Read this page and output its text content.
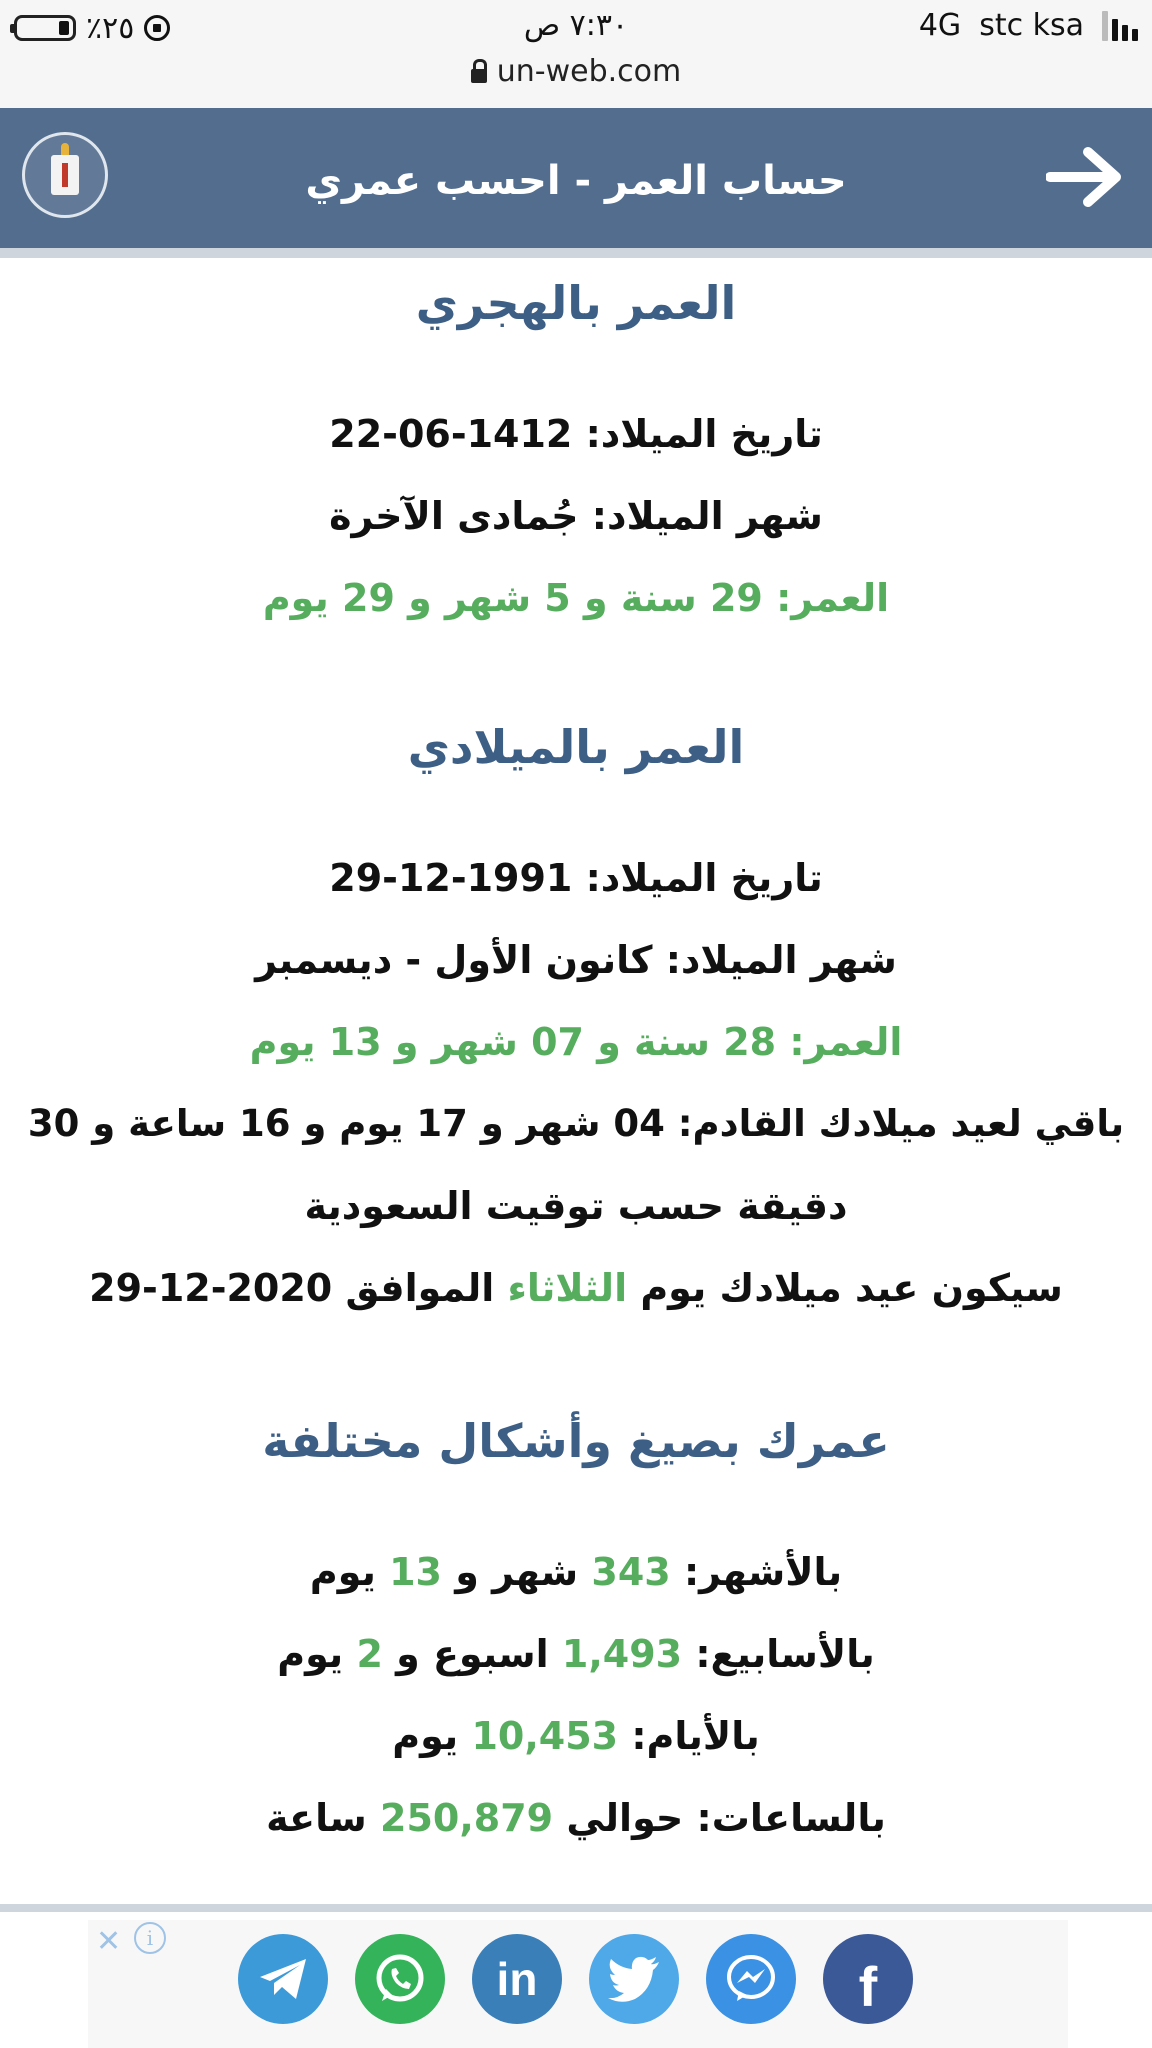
٪٢٥	٧:٣٠ ص	4G stc ksa
un-web.com
حساب العمر - احسب عمري
العمر بالهجري
تاريخ الميلاد: 1412-06-22
شهر الميلاد: جُمادى الآخرة
العمر: 29 سنة و 5 شهر و 29 يوم
العمر بالميلادي
تاريخ الميلاد: 1991-12-29
شهر الميلاد: كانون الأول - ديسمبر
العمر: 28 سنة و 07 شهر و 13 يوم
باقي لعيد ميلادك القادم: 04 شهر و 17 يوم و 16 ساعة و 30
دقيقة حسب توقيت السعودية
سيكون عيد ميلادك يوم الثلاثاء الموافق 2020-12-29
عمرك بصيغ وأشكال مختلفة
بالأشهر: 343 شهر و 13 يوم
بالأسابيع: 1,493 اسبوع و 2 يوم
بالأيام: 10,453 يوم
بالساعات: حوالي 250,879 ساعة
✕	i
in	f
